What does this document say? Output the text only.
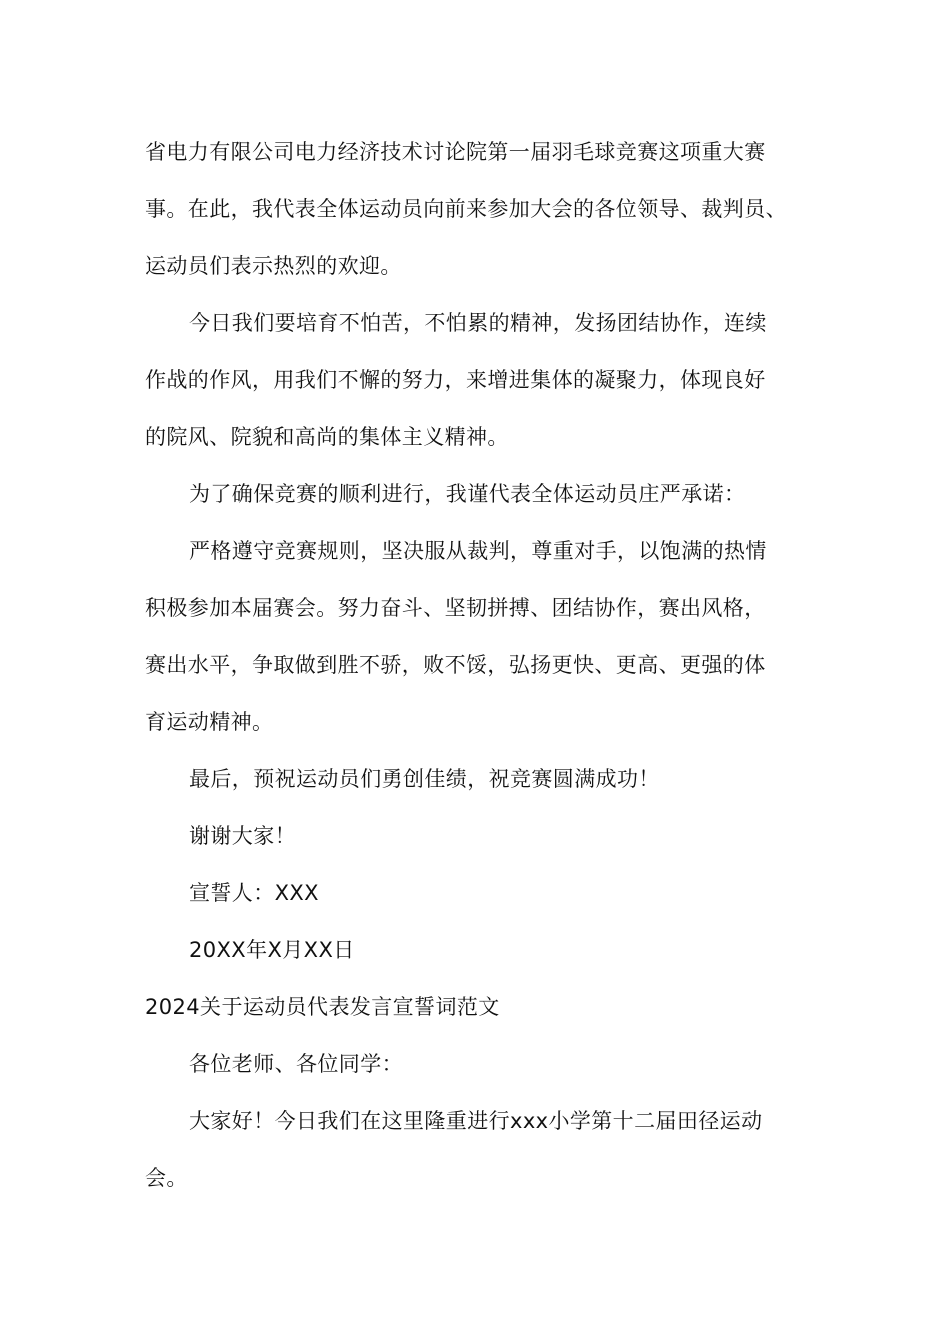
省电力有限公司电力经济技术讨论院第一届羽毛球竞赛这项重大赛
事。在此，我代表全体运动员向前来参加大会的各位领导、裁判员、
运动员们表示热烈的欢迎。
今日我们要培育不怕苦，不怕累的精神，发扬团结协作，连续
作战的作风，用我们不懈的努力，来增进集体的凝聚力，体现良好
的院风、院貌和高尚的集体主义精神。
为了确保竞赛的顺利进行，我谨代表全体运动员庄严承诺：
严格遵守竞赛规则，坚决服从裁判，尊重对手，以饱满的热情
积极参加本届赛会。努力奋斗、坚韧拼搏、团结协作，赛出风格，
赛出水平，争取做到胜不骄，败不馁，弘扬更快、更高、更强的体
育运动精神。
最后，预祝运动员们勇创佳绩，祝竞赛圆满成功！
谢谢大家！
宣誓人：XXX
20XX年X月XX日
2024关于运动员代表发言宣誓词范文
各位老师、各位同学：
大家好！今日我们在这里隆重进行xxx小学第十二届田径运动
会。
